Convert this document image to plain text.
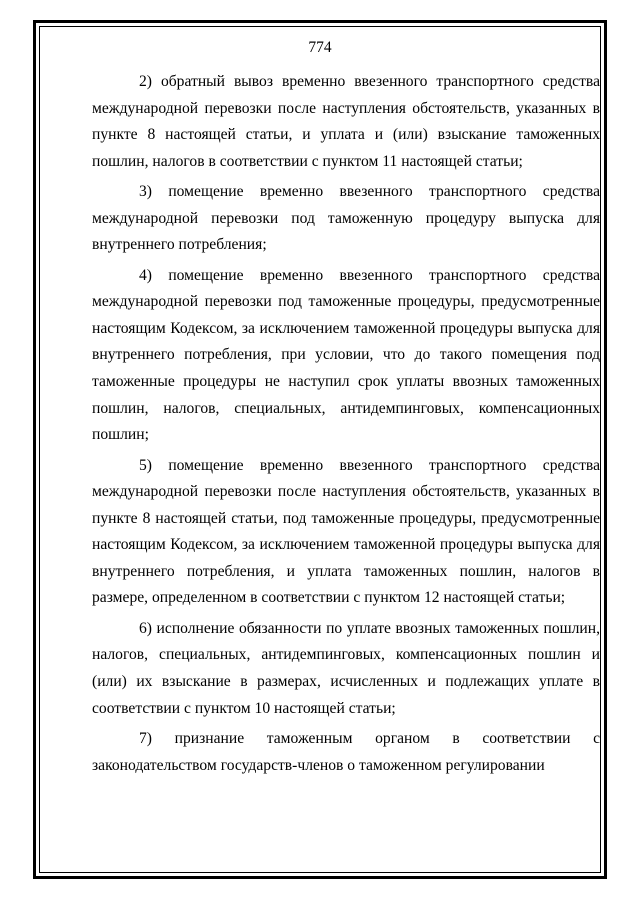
774

2) обратный вывоз временно ввезенного транспортного средства международной перевозки после наступления обстоятельств, указанных в пункте 8 настоящей статьи, и уплата и (или) взыскание таможенных пошлин, налогов в соответствии с пунктом 11 настоящей статьи;

3) помещение временно ввезенного транспортного средства международной перевозки под таможенную процедуру выпуска для внутреннего потребления;

4) помещение временно ввезенного транспортного средства международной перевозки под таможенные процедуры, предусмотренные настоящим Кодексом, за исключением таможенной процедуры выпуска для внутреннего потребления, при условии, что до такого помещения под таможенные процедуры не наступил срок уплаты ввозных таможенных пошлин, налогов, специальных, антидемпинговых, компенсационных пошлин;

5) помещение временно ввезенного транспортного средства международной перевозки после наступления обстоятельств, указанных в пункте 8 настоящей статьи, под таможенные процедуры, предусмотренные настоящим Кодексом, за исключением таможенной процедуры выпуска для внутреннего потребления, и уплата таможенных пошлин, налогов в размере, определенном в соответствии с пунктом 12 настоящей статьи;

6) исполнение обязанности по уплате ввозных таможенных пошлин, налогов, специальных, антидемпинговых, компенсационных пошлин и (или) их взыскание в размерах, исчисленных и подлежащих уплате в соответствии с пунктом 10 настоящей статьи;

7) признание таможенным органом в соответствии с законодательством государств-членов о таможенном регулировании
